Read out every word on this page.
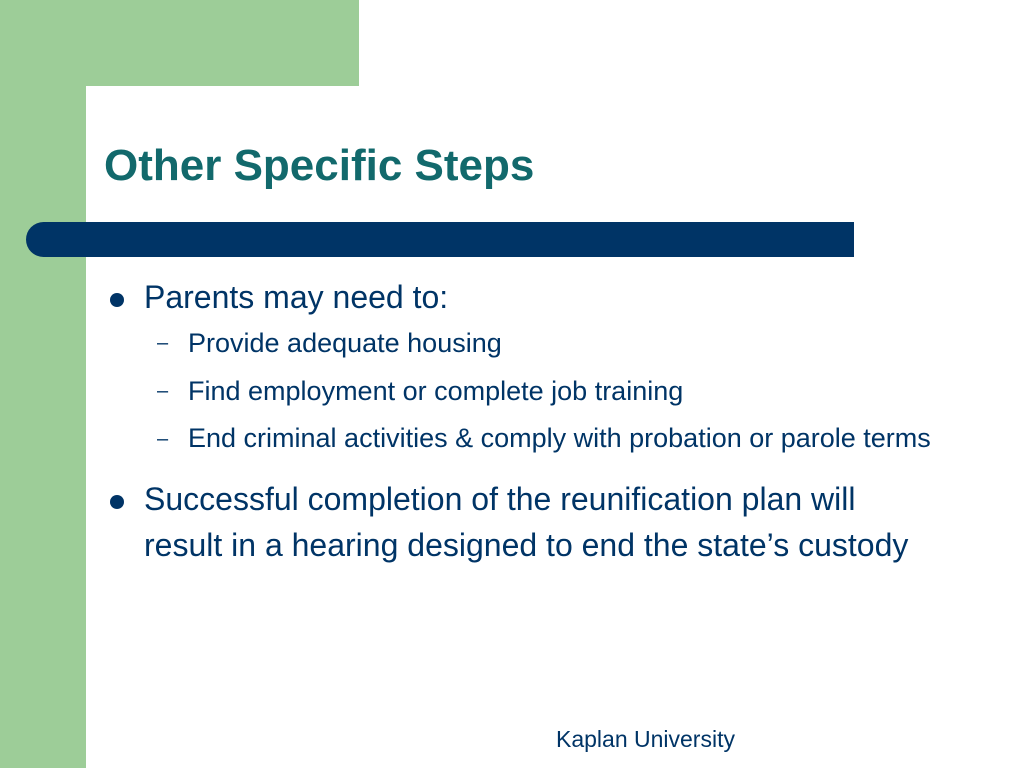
Other Specific Steps
Parents may need to:
– Provide adequate housing
– Find employment or complete job training
– End criminal activities & comply with probation or parole terms
Successful completion of the reunification plan will result in a hearing designed to end the state’s custody
Kaplan University
